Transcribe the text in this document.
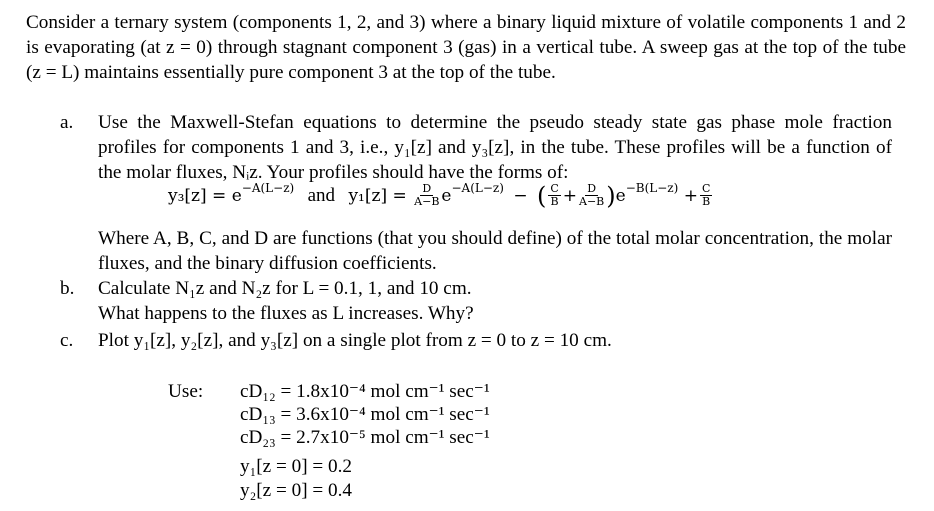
Consider a ternary system (components 1, 2, and 3) where a binary liquid mixture of volatile components 1 and 2 is evaporating (at z = 0) through stagnant component 3 (gas) in a vertical tube. A sweep gas at the top of the tube (z = L) maintains essentially pure component 3 at the top of the tube.
a.	Use the Maxwell-Stefan equations to determine the pseudo steady state gas phase mole fraction profiles for components 1 and 3, i.e., y₁[z] and y₃[z], in the tube. These profiles will be a function of the molar fluxes, Nᵢz. Your profiles should have the forms of:
y₃[z] = e−A(L−z) and $y_1[z] = \frac{D}{A-B} e-A(L-z)$ − ( $\frac{C}{B} + \frac{D}{A-B} )e-B(L-z) + \frac{C}{B}$
Where A, B, C, and D are functions (that you should define) of the total molar concentration, the molar fluxes, and the binary diffusion coefficients.
b.	Calculate N₁z and N₂z for L = 0.1, 1, and 10 cm.
What happens to the fluxes as L increases. Why?
c.	Plot y₁[z], y₂[z], and y₃[z] on a single plot from z = 0 to z = 10 cm.
Use: cD₁₂ = 1.8x10⁻⁴ mol cm⁻¹ sec⁻¹
cD₁₃ = 3.6x10⁻⁴ mol cm⁻¹ sec⁻¹
cD₂₃ = 2.7x10⁻⁵ mol cm⁻¹ sec⁻¹
y₁[z = 0] = 0.2
y₂[z = 0] = 0.4
